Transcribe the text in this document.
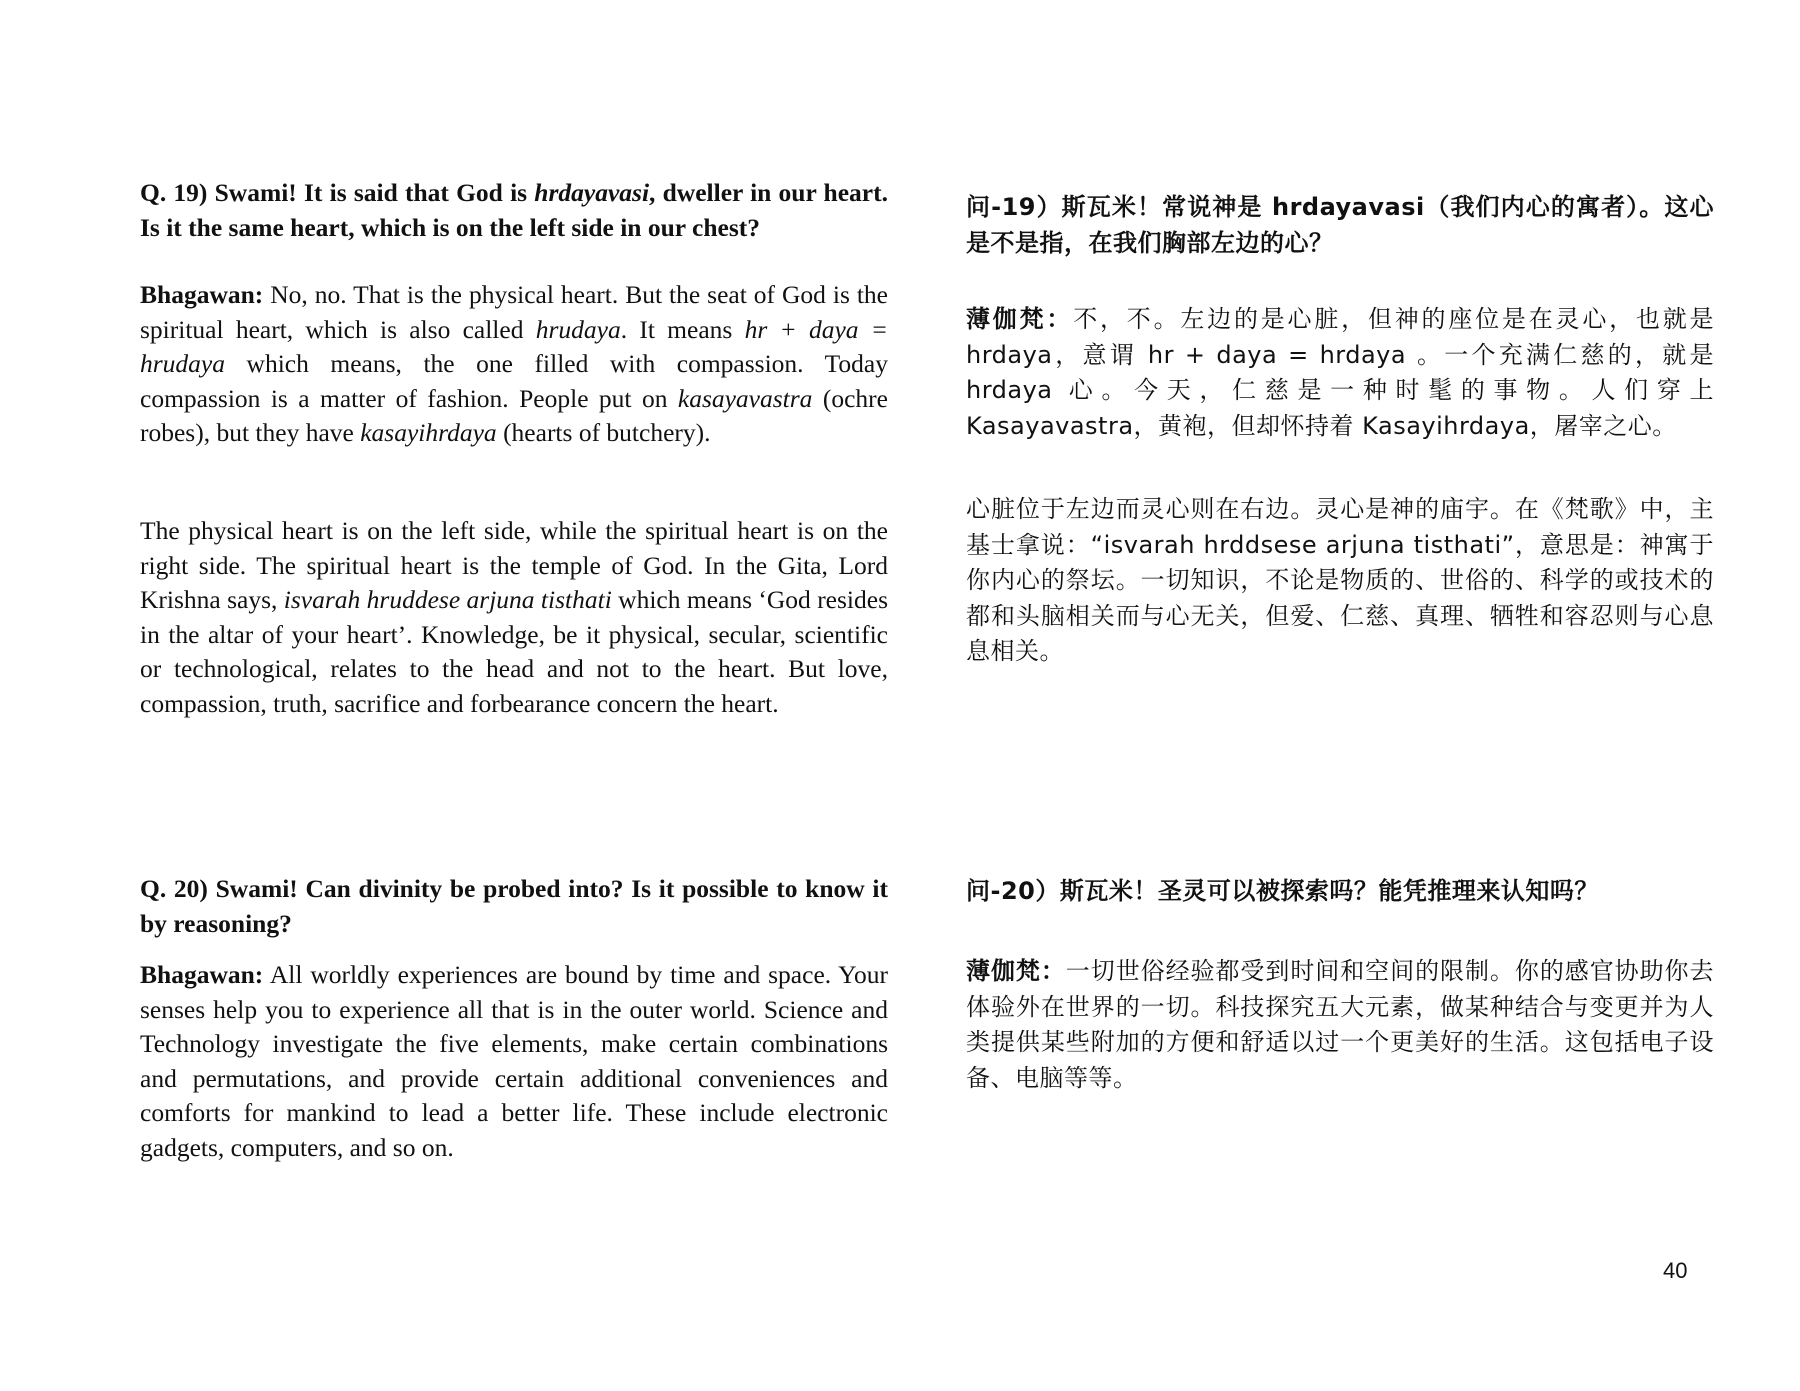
Q. 19) Swami! It is said that God is hrdayavasi, dweller in our heart. Is it the same heart, which is on the left side in our chest?

Bhagawan: No, no. That is the physical heart. But the seat of God is the spiritual heart, which is also called hrudaya. It means hr + daya = hrudaya which means, the one filled with compassion. Today compassion is a matter of fashion. People put on kasayavastra (ochre robes), but they have kasayihrdaya (hearts of butchery).

The physical heart is on the left side, while the spiritual heart is on the right side. The spiritual heart is the temple of God. In the Gita, Lord Krishna says, isvarah hruddese arjuna tisthati which means ‘God resides in the altar of your heart’. Knowledge, be it physical, secular, scientific or technological, relates to the head and not to the heart. But love, compassion, truth, sacrifice and forbearance concern the heart.

问-19）斯瓦米！常说神是 hrdayavasi（我们内心的寓者）。这心是不是指，在我们胸部左边的心？

薄伽梵：不，不。左边的是心脏，但神的座位是在灵心，也就是 hrdaya，意谓 hr + daya = hrdaya 。一个充满仁慈的，就是 hrdaya 心。今天，仁慈是一种时髦的事物。人们穿上 Kasayavastra，黄袍，但却怀持着 Kasayihrdaya，屠宰之心。

心脏位于左边而灵心则在右边。灵心是神的庙宇。在《梵歌》中，主基士拿说：“isvarah hrddsese arjuna tisthati”，意思是：神寓于你内心的祭坛。一切知识，不论是物质的、世俗的、科学的或技术的都和头脑相关而与心无关，但爱、仁慈、真理、牺牲和容忍则与心息息相关。

Q. 20) Swami! Can divinity be probed into? Is it possible to know it by reasoning?

Bhagawan: All worldly experiences are bound by time and space. Your senses help you to experience all that is in the outer world. Science and Technology investigate the five elements, make certain combinations and permutations, and provide certain additional conveniences and comforts for mankind to lead a better life. These include electronic gadgets, computers, and so on.

问-20）斯瓦米！圣灵可以被探索吗？能凭推理来认知吗？

薄伽梵：一切世俗经验都受到时间和空间的限制。你的感官协助你去体验外在世界的一切。科技探究五大元素，做某种结合与变更并为人类提供某些附加的方便和舒适以过一个更美好的生活。这包括电子设备、电脑等等。

40
